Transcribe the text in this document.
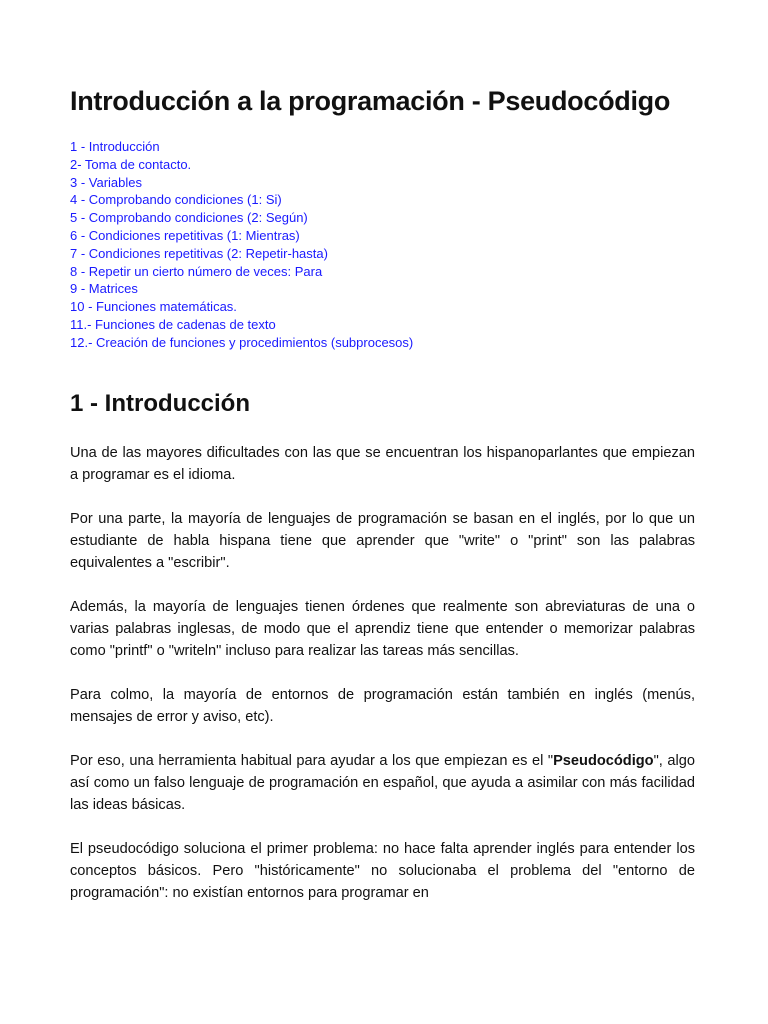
Introducción a la programación - Pseudocódigo
1 - Introducción
2- Toma de contacto.
3 - Variables
4 - Comprobando condiciones (1: Si)
5 - Comprobando condiciones (2: Según)
6 - Condiciones repetitivas (1: Mientras)
7 - Condiciones repetitivas (2: Repetir-hasta)
8 - Repetir un cierto número de veces: Para
9 - Matrices
10 - Funciones matemáticas.
11.- Funciones de cadenas de texto
12.- Creación de funciones y procedimientos (subprocesos)
1 - Introducción

Una de las mayores dificultades con las que se encuentran los hispanoparlantes que empiezan a programar es el idioma.

Por una parte, la mayoría de lenguajes de programación se basan en el inglés, por lo que un estudiante de habla hispana tiene que aprender que "write" o "print" son las palabras equivalentes a "escribir".

Además, la mayoría de lenguajes tienen órdenes que realmente son abreviaturas de una o varias palabras inglesas, de modo que el aprendiz tiene que entender o memorizar palabras como "printf" o "writeln" incluso para realizar las tareas más sencillas.

Para colmo, la mayoría de entornos de programación están también en inglés (menús, mensajes de error y aviso, etc).

Por eso, una herramienta habitual para ayudar a los que empiezan es el "Pseudocódigo", algo así como un falso lenguaje de programación en español, que ayuda a asimilar con más facilidad las ideas básicas.

El pseudocódigo soluciona el primer problema: no hace falta aprender inglés para entender los conceptos básicos. Pero "históricamente" no solucionaba el problema del "entorno de programación": no existían entornos para programar en
